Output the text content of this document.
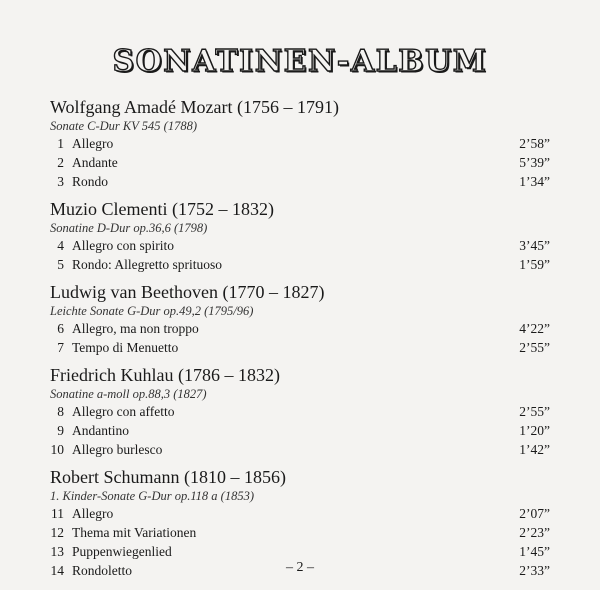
SONATINEN-ALBUM
Wolfgang Amadé Mozart (1756 – 1791)
Sonate C-Dur KV 545 (1788)
1 Allegro	2’58”
2 Andante	5’39”
3 Rondo	1’34”
Muzio Clementi (1752 – 1832)
Sonatine D-Dur op.36,6 (1798)
4 Allegro con spirito	3’45”
5 Rondo: Allegretto sprituoso	1’59”
Ludwig van Beethoven (1770 – 1827)
Leichte Sonate G-Dur op.49,2 (1795/96)
6 Allegro, ma non troppo	4’22”
7 Tempo di Menuetto	2’55”
Friedrich Kuhlau (1786 – 1832)
Sonatine a-moll op.88,3 (1827)
8 Allegro con affetto	2’55”
9 Andantino	1’20”
10 Allegro burlesco	1’42”
Robert Schumann (1810 – 1856)
1. Kinder-Sonate G-Dur op.118 a (1853)
11 Allegro	2’07”
12 Thema mit Variationen	2’23”
13 Puppenwiegenlied	1’45”
14 Rondoletto	2’33”
– 2 –
